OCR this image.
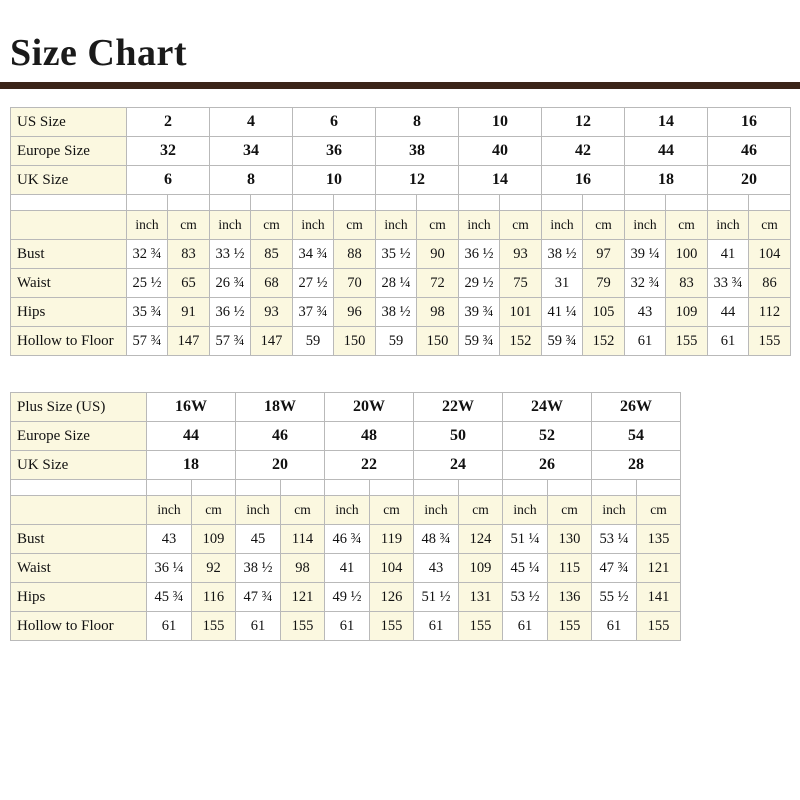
Size Chart
US Size	2		4		6		8		10		12		14		16	
Europe Size	32		34		36		38		40		42		44		46	
UK Size	6		8		10		12		14		16		18		20	

	inch	cm	inch	cm	inch	cm	inch	cm	inch	cm	inch	cm	inch	cm	inch	cm
Bust	32 ¾	83	33 ½	85	34 ¾	88	35 ½	90	36 ½	93	38 ½	97	39 ¼	100	41	104
Waist	25 ½	65	26 ¾	68	27 ½	70	28 ¼	72	29 ½	75	31	79	32 ¾	83	33 ¾	86
Hips	35 ¾	91	36 ½	93	37 ¾	96	38 ½	98	39 ¾	101	41 ¼	105	43	109	44	112
Hollow to Floor	57 ¾	147	57 ¾	147	59	150	59	150	59 ¾	152	59 ¾	152	61	155	61	155
Plus Size (US)	16W		18W		20W		22W		24W		26W	
Europe Size	44		46		48		50		52		54	
UK Size	18		20		22		24		26		28	

	inch	cm	inch	cm	inch	cm	inch	cm	inch	cm	inch	cm
Bust	43	109	45	114	46 ¾	119	48 ¾	124	51 ¼	130	53 ¼	135
Waist	36 ¼	92	38 ½	98	41	104	43	109	45 ¼	115	47 ¾	121
Hips	45 ¾	116	47 ¾	121	49 ½	126	51 ½	131	53 ½	136	55 ½	141
Hollow to Floor	61	155	61	155	61	155	61	155	61	155	61	155
